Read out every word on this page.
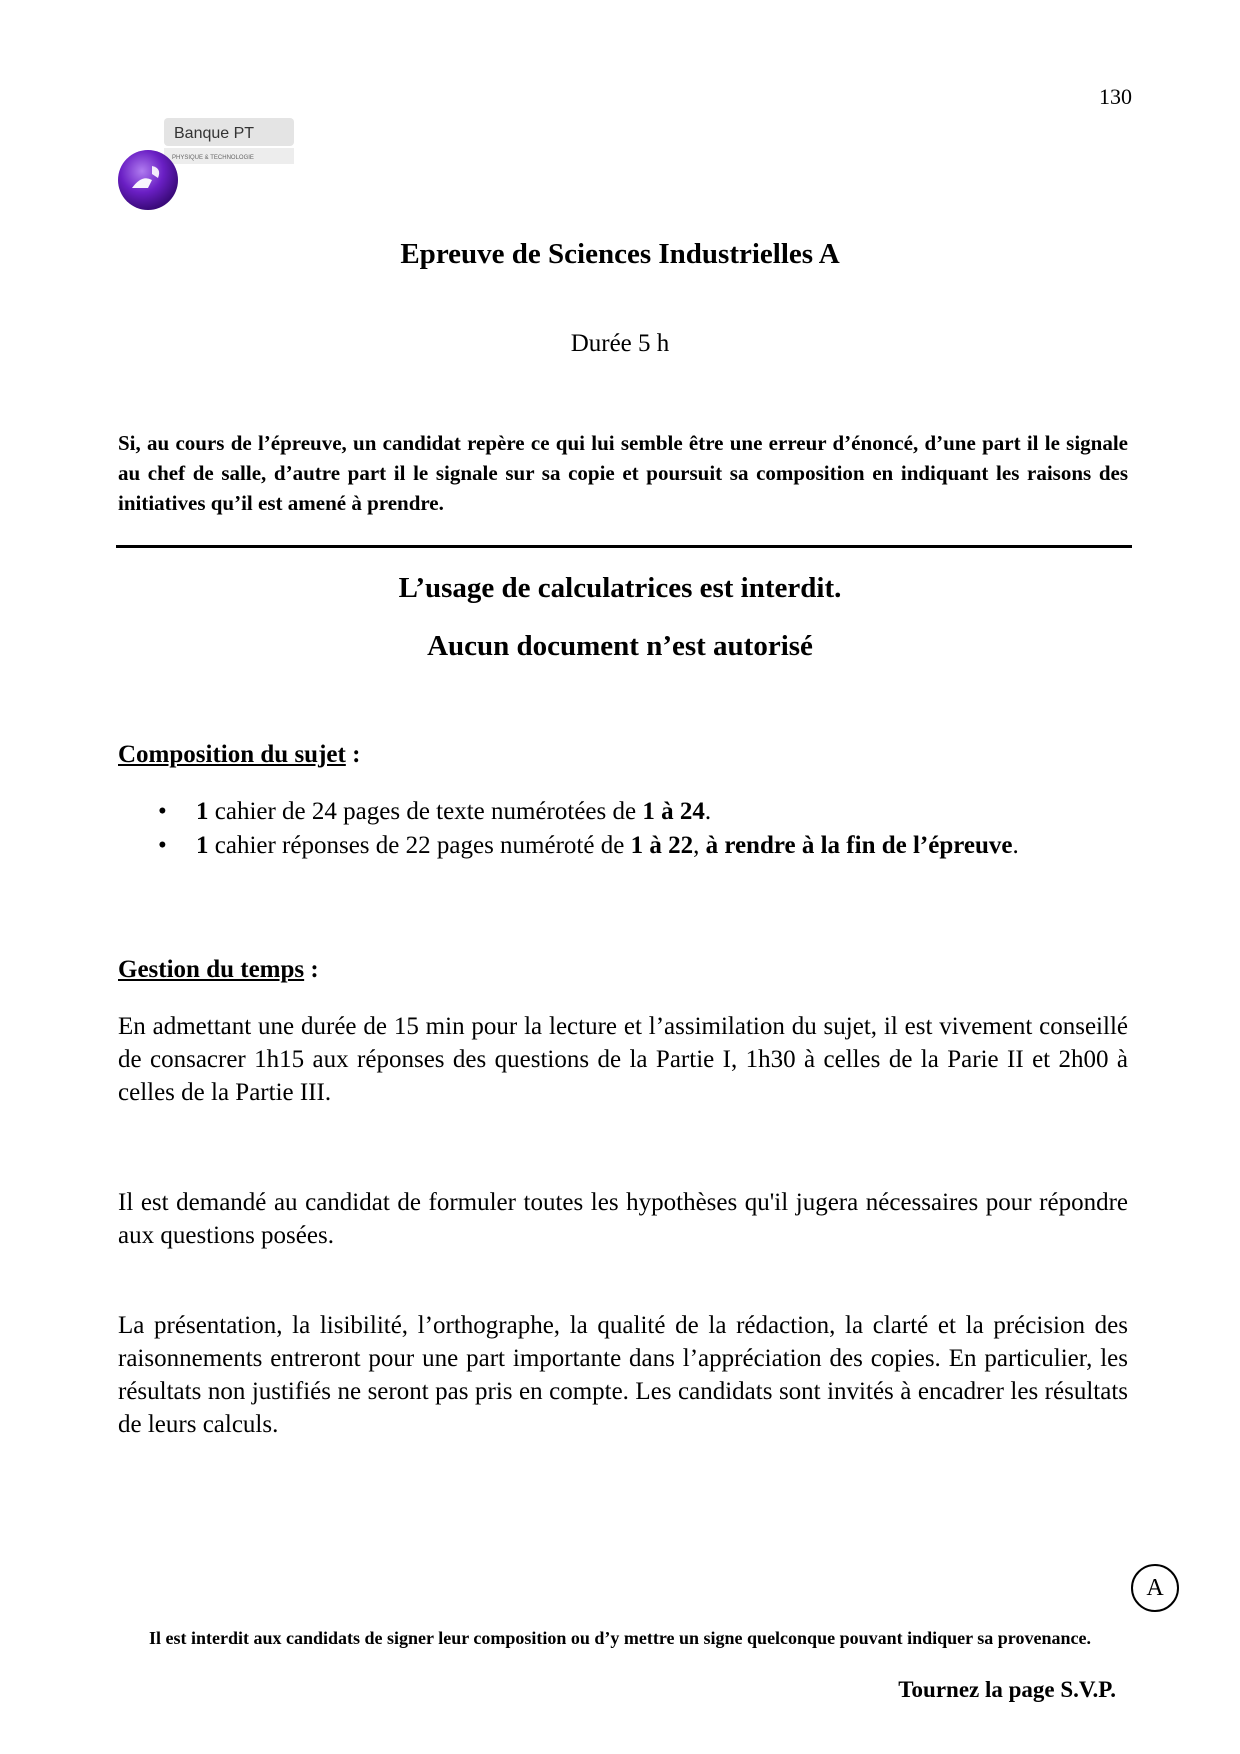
130
Banque PT
PHYSIQUE & TECHNOLOGIE
Epreuve de Sciences Industrielles A
Durée 5 h

Si, au cours de l’épreuve, un candidat repère ce qui lui semble être une erreur d’énoncé, d’une part il le signale au chef de salle, d’autre part il le signale sur sa copie et poursuit sa composition en indiquant les raisons des initiatives qu’il est amené à prendre.

L’usage de calculatrices est interdit.
Aucun document n’est autorisé
Composition du sujet :
• 1 cahier de 24 pages de texte numérotées de 1 à 24.
• 1 cahier réponses de 22 pages numéroté de 1 à 22, à rendre à la fin de l’épreuve.
Gestion du temps :

En admettant une durée de 15 min pour la lecture et l’assimilation du sujet, il est vivement conseillé de consacrer 1h15 aux réponses des questions de la Partie I, 1h30 à celles de la Parie II et 2h00 à celles de la Partie III.

Il est demandé au candidat de formuler toutes les hypothèses qu'il jugera nécessaires pour répondre aux questions posées.

La présentation, la lisibilité, l’orthographe, la qualité de la rédaction, la clarté et la précision des raisonnements entreront pour une part importante dans l’appréciation des copies. En particulier, les résultats non justifiés ne seront pas pris en compte. Les candidats sont invités à encadrer les résultats de leurs calculs.

A
Il est interdit aux candidats de signer leur composition ou d’y mettre un signe quelconque pouvant indiquer sa provenance.
Tournez la page S.V.P.
